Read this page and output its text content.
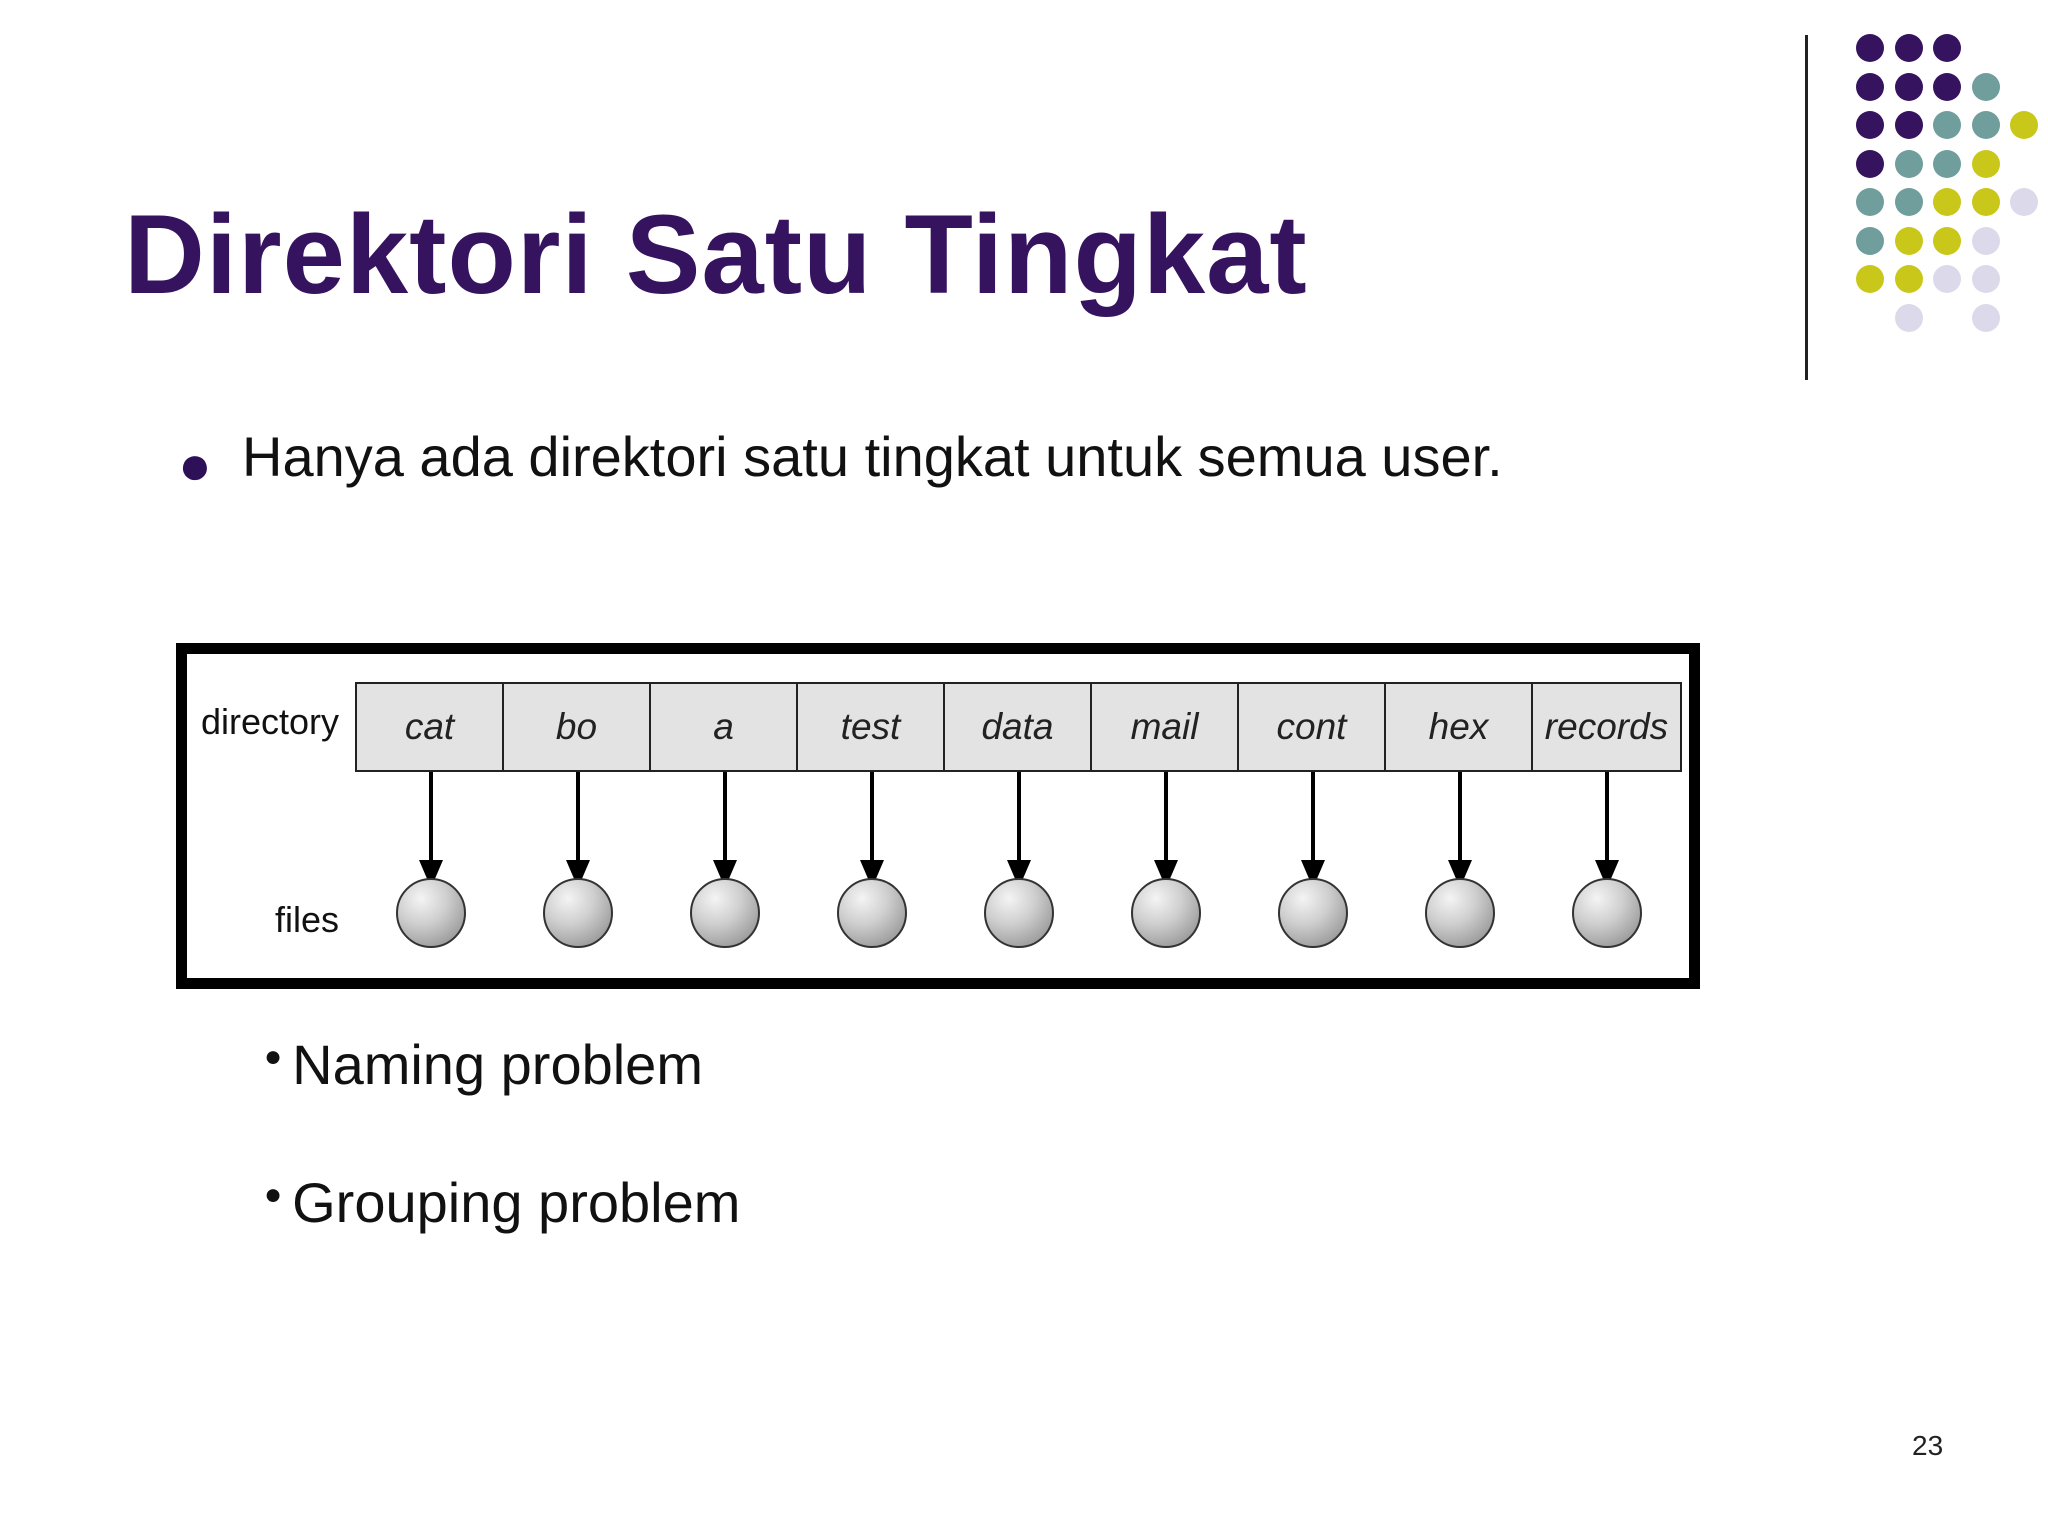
Direktori Satu Tingkat
● Hanya ada direktori satu tingkat untuk semua user.
directory
files
cat	bo	a	test	data	mail	cont	hex	records
● Naming problem
● Grouping problem
23
